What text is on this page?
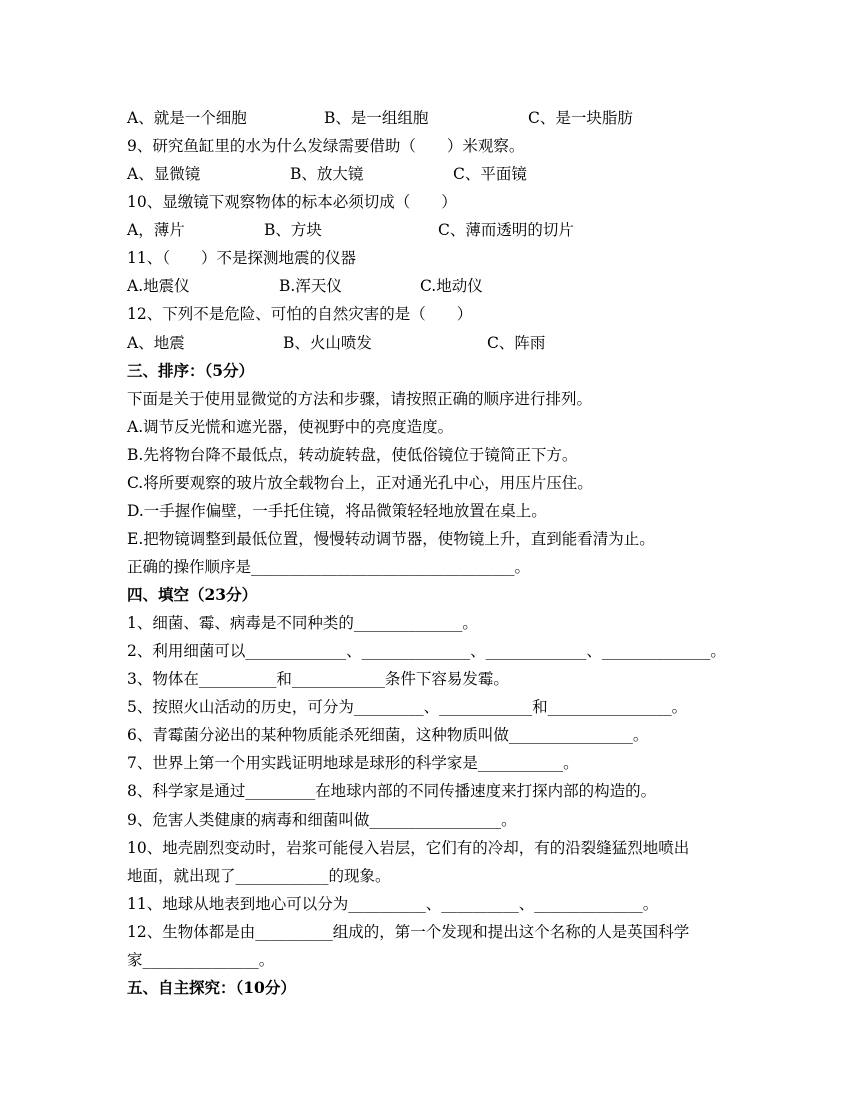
A、就是一个细胞	B、是一组组胞	C、是一块脂肪
9、研究鱼缸里的水为什么发绿需要借助（　　）米观察。
A、显微镜	B、放大镜	C、平面镜
10、显缴镜下观察物体的标本必须切成（　　）
A，薄片	B、方块	C、薄而透明的切片
11、（　　）不是探测地震的仪器
A.地震仪	B.浑天仪	C.地动仪
12、下列不是危险、可怕的自然灾害的是（　　）
A、地震	B、火山喷发	C、阵雨
三、排序：（5分）
下面是关于使用显微觉的方法和步骤，请按照正确的顺序进行排列。
A.调节反光慌和遮光器，使视野中的亮度造度。
B.先将物台降不最低点，转动旋转盘，使低俗镜位于镜简正下方。
C.将所要观察的玻片放全载物台上，正对通光孔中心，用压片压住。
D.一手握作偏壁，一手托住镜，将品微策轻轻地放置在桌上。
E.把物镜调整到最低位置，慢慢转动调节器，使物镜上升，直到能看清为止。
正确的操作顺序是__________________________________。
四、填空（23分）
1、细菌、霉、病毒是不同种类的______________。
2、利用细菌可以_____________、______________、_____________、______________。
3、物体在__________和____________条件下容易发霉。
5、按照火山活动的历史，可分为_________、____________和________________。
6、青霉菌分泌出的某种物质能杀死细菌，这种物质叫做________________。
7、世界上第一个用实践证明地球是球形的科学家是___________。
8、科学家是通过_________在地球内部的不同传播速度来打探内部的构造的。
9、危害人类健康的病毒和细菌叫做_________________。
10、地壳剧烈变动时，岩浆可能侵入岩层，它们有的冷却，有的沿裂缝猛烈地喷出
地面，就出现了____________的现象。
11、地球从地表到地心可以分为__________、__________、______________。
12、生物体都是由__________组成的，第一个发现和提出这个名称的人是英国科学
家_______________。
五、自主探究：（10分）
